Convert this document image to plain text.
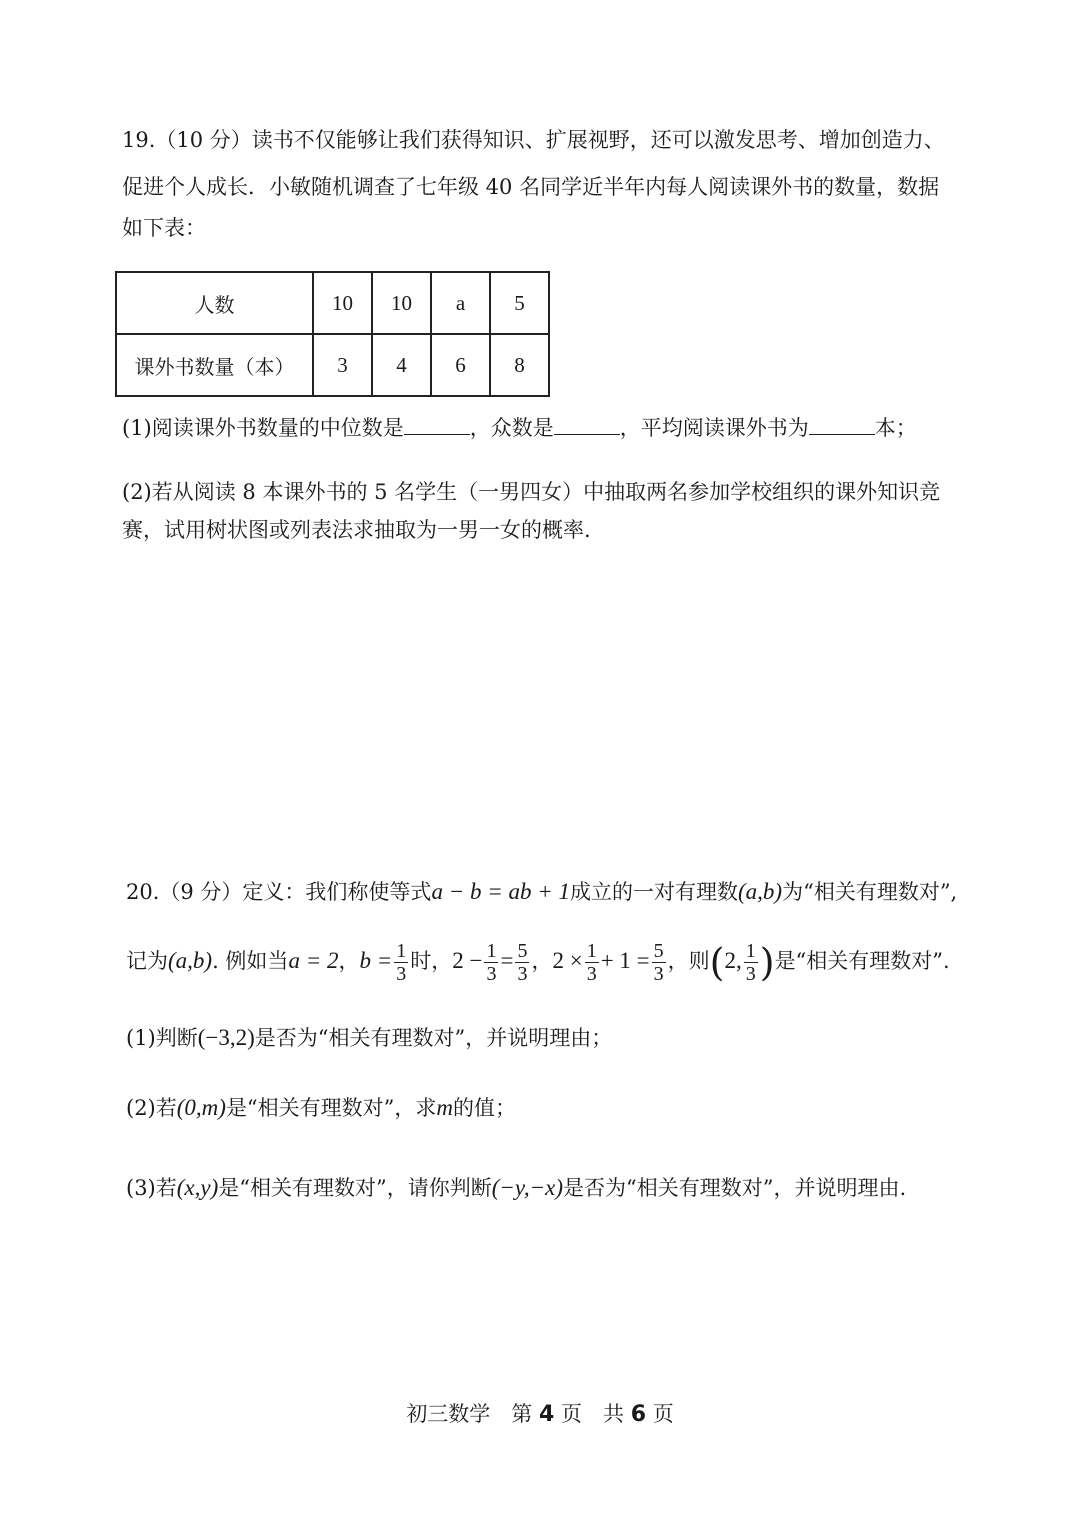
19.（10 分）读书不仅能够让我们获得知识、扩展视野，还可以激发思考、增加创造力、
促进个人成长．小敏随机调查了七年级 40 名同学近半年内每人阅读课外书的数量，数据
如下表：
人数	10	10	a	5
课外书数量（本）	3	4	6	8
(1)阅读课外书数量的中位数是	，众数是	，平均阅读课外书为	本；
(2)若从阅读 8 本课外书的 5 名学生（一男四女）中抽取两名参加学校组织的课外知识竞
赛，试用树状图或列表法求抽取为一男一女的概率.
20.（9 分）定义：我们称使等式a − b = ab + 1成立的一对有理数(a,b)为“相关有理数对”,
记为(a,b). 例如当a = 2，$b = \frac{1}{3}$ 时，$2 - \frac{1}{3} = \frac{5}{3}$ ，$2 \times \frac{1}{3} + 1 = \frac{5}{3}$ ，则(2, $\frac{1}{3}$ )是“相关有理数对”.
(1)判断(−3,2)是否为“相关有理数对”，并说明理由；
(2)若(0,m)是“相关有理数对”，求m的值；
(3)若(x,y)是“相关有理数对”，请你判断(−y,−x)是否为“相关有理数对”，并说明理由.
初三数学　第 4 页　共 6 页
